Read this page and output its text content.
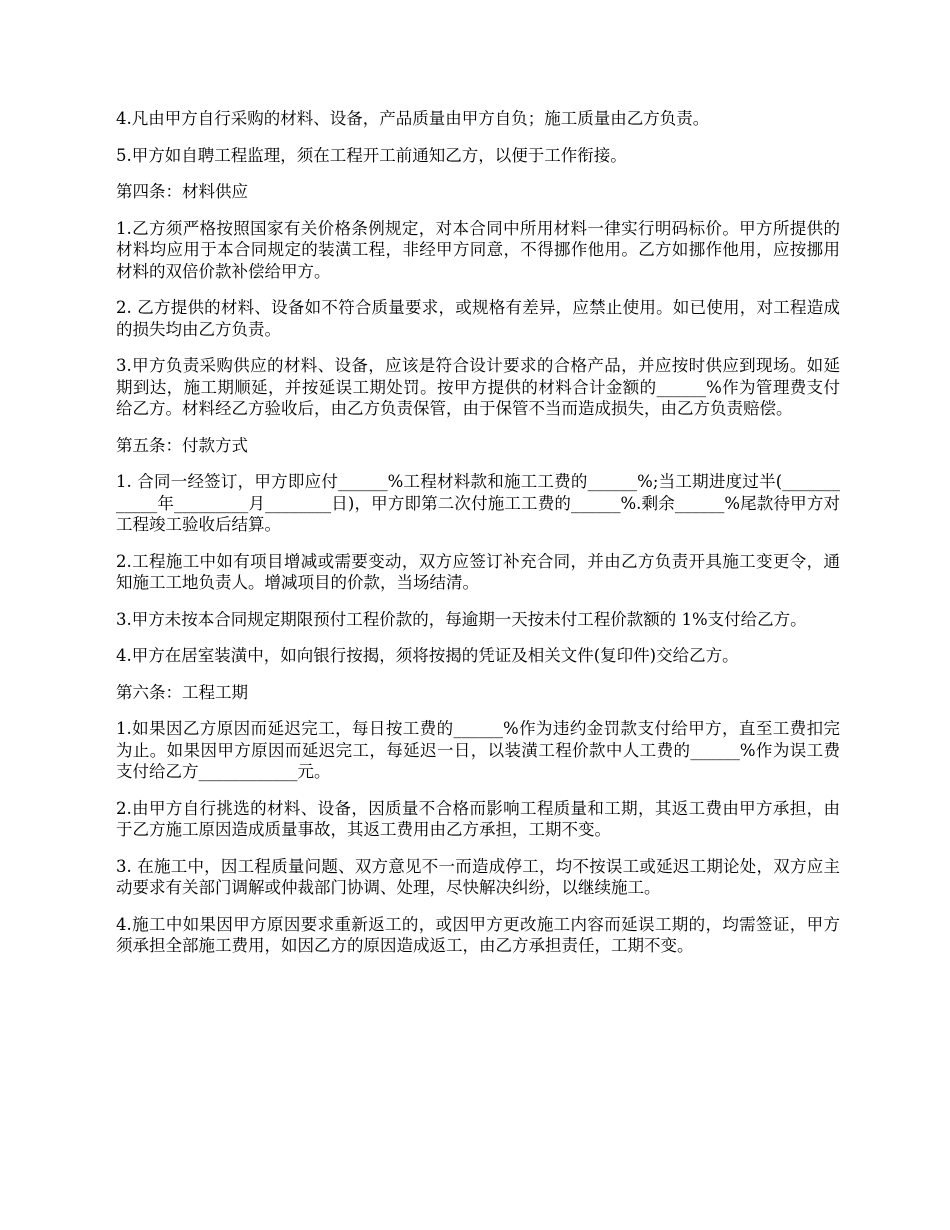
4.凡由甲方自行采购的材料、设备，产品质量由甲方自负；施工质量由乙方负责。

5.甲方如自聘工程监理，须在工程开工前通知乙方，以便于工作衔接。

第四条：材料供应

1.乙方须严格按照国家有关价格条例规定，对本合同中所用材料一律实行明码标价。甲方所提供的材料均应用于本合同规定的装潢工程，非经甲方同意，不得挪作他用。乙方如挪作他用，应按挪用材料的双倍价款补偿给甲方。

2. 乙方提供的材料、设备如不符合质量要求，或规格有差异，应禁止使用。如已使用，对工程造成的损失均由乙方负责。

3.甲方负责采购供应的材料、设备，应该是符合设计要求的合格产品，并应按时供应到现场。如延期到达，施工期顺延，并按延误工期处罚。按甲方提供的材料合计金额的______%作为管理费支付给乙方。材料经乙方验收后，由乙方负责保管，由于保管不当而造成损失，由乙方负责赔偿。

第五条：付款方式

1. 合同一经签订，甲方即应付______%工程材料款和施工工费的______%;当工期进度过半(____________年_________月________日)，甲方即第二次付施工工费的______%.剩余______%尾款待甲方对工程竣工验收后结算。

2.工程施工中如有项目增减或需要变动，双方应签订补充合同，并由乙方负责开具施工变更令，通知施工工地负责人。增减项目的价款，当场结清。

3.甲方未按本合同规定期限预付工程价款的，每逾期一天按未付工程价款额的 1%支付给乙方。

4.甲方在居室装潢中，如向银行按揭，须将按揭的凭证及相关文件(复印件)交给乙方。

第六条：工程工期

1.如果因乙方原因而延迟完工，每日按工费的______%作为违约金罚款支付给甲方，直至工费扣完为止。如果因甲方原因而延迟完工，每延迟一日，以装潢工程价款中人工费的______%作为误工费支付给乙方____________元。

2.由甲方自行挑选的材料、设备，因质量不合格而影响工程质量和工期，其返工费由甲方承担，由于乙方施工原因造成质量事故，其返工费用由乙方承担，工期不变。

3. 在施工中，因工程质量问题、双方意见不一而造成停工，均不按误工或延迟工期论处，双方应主动要求有关部门调解或仲裁部门协调、处理，尽快解决纠纷，以继续施工。

4.施工中如果因甲方原因要求重新返工的，或因甲方更改施工内容而延误工期的，均需签证，甲方须承担全部施工费用，如因乙方的原因造成返工，由乙方承担责任，工期不变。
